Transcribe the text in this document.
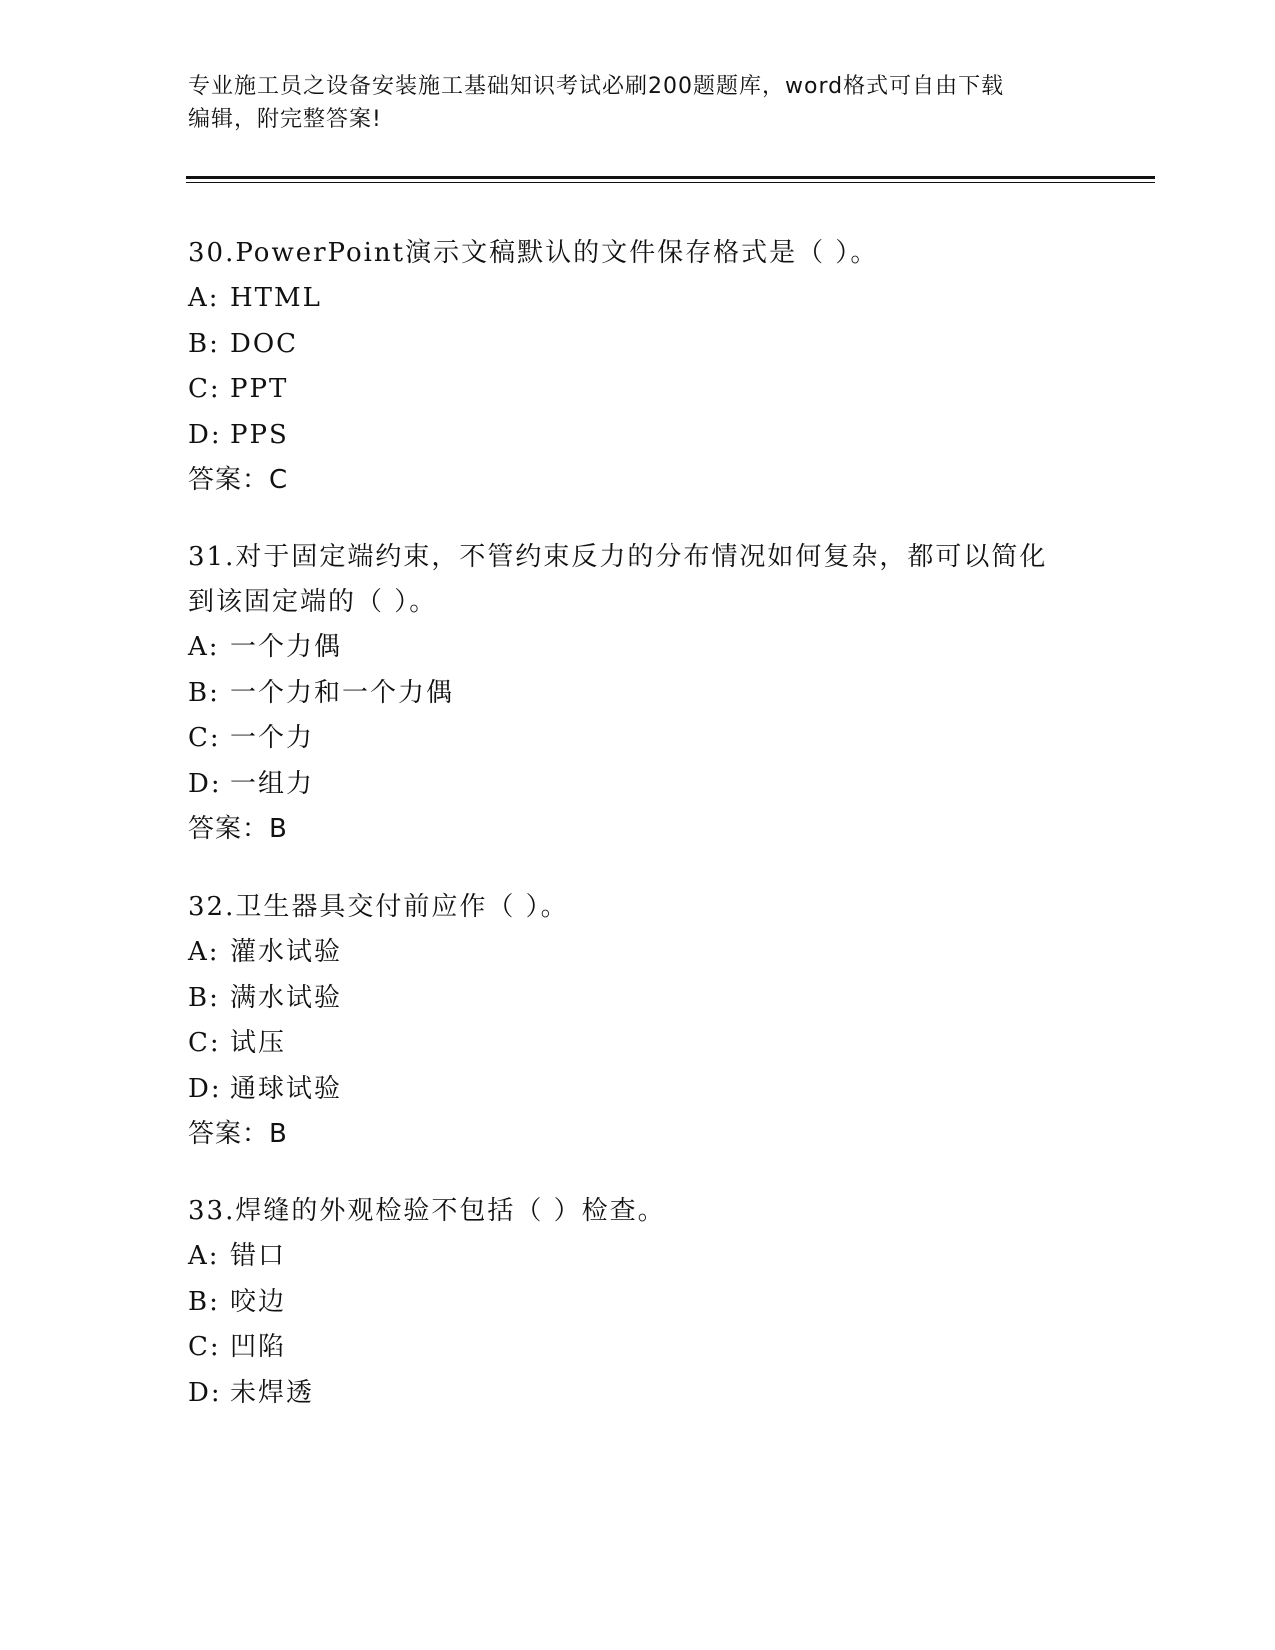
专业施工员之设备安装施工基础知识考试必刷200题题库，word格式可自由下载
编辑，附完整答案!

30.PowerPoint演示文稿默认的文件保存格式是（ ）。

A: HTML

B: DOC

C: PPT

D: PPS

答案：C

31.对于固定端约束，不管约束反力的分布情况如何复杂，都可以简化

到该固定端的（ ）。

A: 一个力偶

B: 一个力和一个力偶

C: 一个力

D: 一组力

答案：B

32.卫生器具交付前应作（ ）。

A: 灌水试验

B: 满水试验

C: 试压

D: 通球试验

答案：B

33.焊缝的外观检验不包括（ ）检查。

A: 错口

B: 咬边

C: 凹陷

D: 未焊透
